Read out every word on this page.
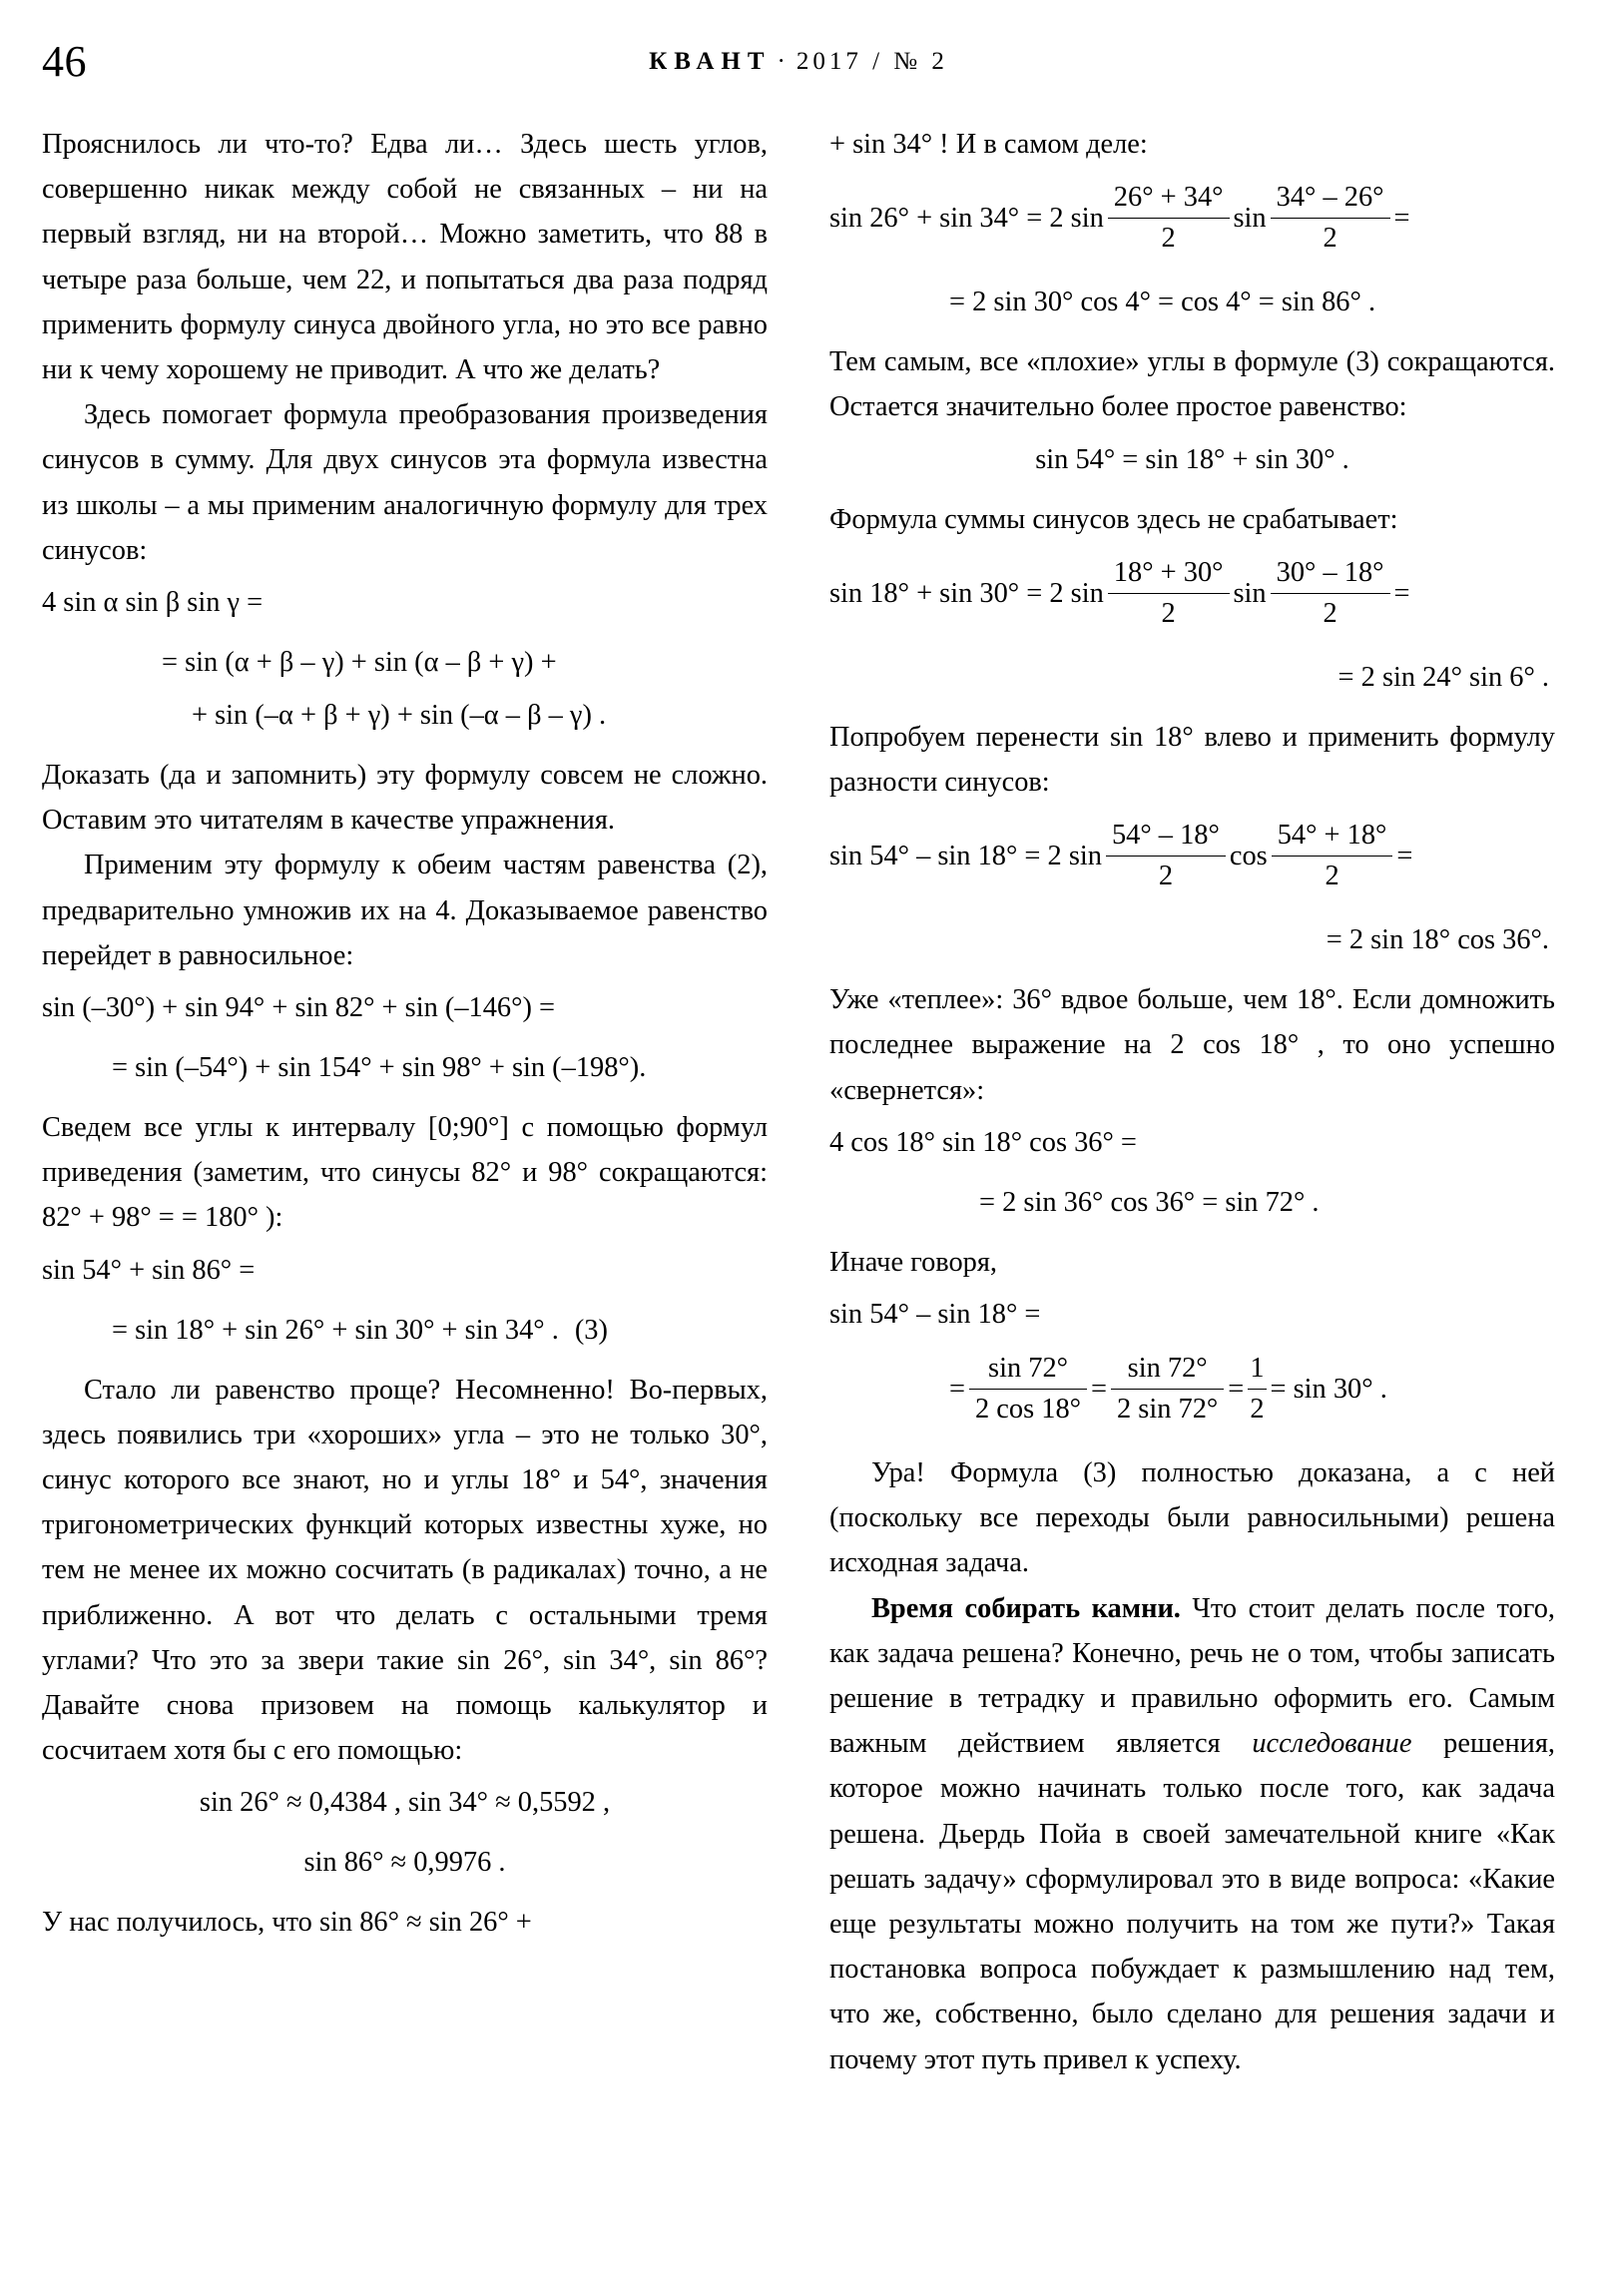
46	КВАНТ · 2017 / № 2

Прояснилось ли что-то? Едва ли… Здесь шесть углов, совершенно никак между собой не связанных – ни на первый взгляд, ни на второй… Можно заметить, что 88 в четыре раза больше, чем 22, и попытаться два раза подряд применить формулу синуса двойного угла, но это все равно ни к чему хорошему не приводит. А что же делать?

Здесь помогает формула преобразования произведения синусов в сумму. Для двух синусов эта формула известна из школы – а мы применим аналогичную формулу для трех синусов:

4 sin α sin β sin γ =
= sin (α + β – γ) + sin (α – β + γ) +
+ sin (–α + β + γ) + sin (–α – β – γ) .

Доказать (да и запомнить) эту формулу совсем не сложно. Оставим это читателям в качестве упражнения.

Применим эту формулу к обеим частям равенства (2), предварительно умножив их на 4. Доказываемое равенство перейдет в равносильное:

sin (–30°) + sin 94° + sin 82° + sin (–146°) =
= sin (–54°) + sin 154° + sin 98° + sin (–198°).

Сведем все углы к интервалу [0;90°] с помощью формул приведения (заметим, что синусы 82° и 98° сокращаются: 82° + 98° = = 180° ):

sin 54° + sin 86° =
= sin 18° + sin 26° + sin 30° + sin 34° . (3)

Стало ли равенство проще? Несомненно! Во-первых, здесь появились три «хороших» угла – это не только 30°, синус которого все знают, но и углы 18° и 54°, значения тригонометрических функций которых известны хуже, но тем не менее их можно сосчитать (в радикалах) точно, а не приближенно. А вот что делать с остальными тремя углами? Что это за звери такие sin 26°, sin 34°, sin 86°? Давайте снова призовем на помощь калькулятор и сосчитаем хотя бы с его помощью:

sin 26° ≈ 0,4384 , sin 34° ≈ 0,5592 ,
sin 86° ≈ 0,9976 .

У нас получилось, что sin 86° ≈ sin 26° +

+ sin 34° ! И в самом деле:

sin 26° + sin 34° = 2 $\sin \frac{26^\circ + 34^\circ}{2}$ $\sin \frac{34^\circ - 26^\circ}{2}$ =
= 2 sin 30° cos 4° = cos 4° = sin 86° .

Тем самым, все «плохие» углы в формуле (3) сокращаются. Остается значительно более простое равенство:

sin 54° = sin 18° + sin 30° .

Формула суммы синусов здесь не срабатывает:

sin 18° + sin 30° = 2 $\sin \frac{18^\circ + 30^\circ}{2}$ $\sin \frac{30^\circ - 18^\circ}{2}$ =
= 2 sin 24° sin 6° .

Попробуем перенести sin 18° влево и применить формулу разности синусов:

sin 54° – sin 18° = 2 $\sin \frac{54^\circ - 18^\circ}{2}$ $\cos \frac{54^\circ + 18^\circ}{2}$ =
= 2 sin 18° cos 36°.

Уже «теплее»: 36° вдвое больше, чем 18°. Если домножить последнее выражение на 2 cos 18° , то оно успешно «свернется»:

4 cos 18° sin 18° cos 36° =
= 2 sin 36° cos 36° = sin 72° .

Иначе говоря,

sin 54° – sin 18° =
= $\frac{\sin 72^\circ}{2 \cos 18^\circ} = \frac{\sin 72^\circ}{2 \sin 72^\circ} = \frac{1}{2} = \sin 30^\circ$ .

Ура! Формула (3) полностью доказана, а с ней (поскольку все переходы были равносильными) решена исходная задача.

Время собирать камни. Что стоит делать после того, как задача решена? Конечно, речь не о том, чтобы записать решение в тетрадку и правильно оформить его. Самым важным действием является исследование решения, которое можно начинать только после того, как задача решена. Дьердь Пойа в своей замечательной книге «Как решать задачу» сформулировал это в виде вопроса: «Какие еще результаты можно получить на том же пути?» Такая постановка вопроса побуждает к размышлению над тем, что же, собственно, было сделано для решения задачи и почему этот путь привел к успеху.
